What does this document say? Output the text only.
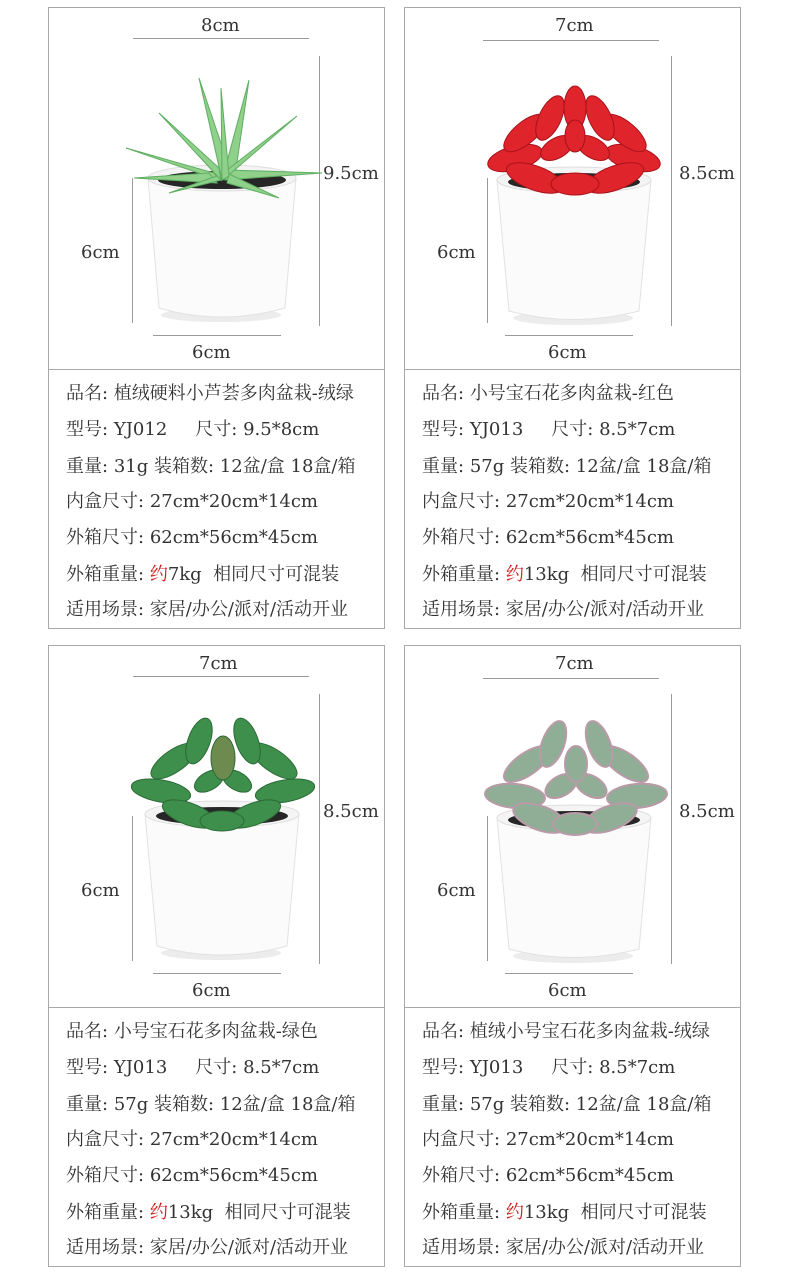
8cm
9.5cm
6cm
6cm
品名: 植绒硬料小芦荟多肉盆栽-绒绿
型号: YJ012 尺寸: 9.5*8cm
重量: 31g 装箱数: 12盆/盒 18盒/箱
内盒尺寸: 27cm*20cm*14cm
外箱尺寸: 62cm*56cm*45cm
外箱重量: 约7kg 相同尺寸可混装
适用场景: 家居/办公/派对/活动开业
7cm
8.5cm
6cm
6cm
品名: 小号宝石花多肉盆栽-红色
型号: YJ013 尺寸: 8.5*7cm
重量: 57g 装箱数: 12盆/盒 18盒/箱
内盒尺寸: 27cm*20cm*14cm
外箱尺寸: 62cm*56cm*45cm
外箱重量: 约13kg 相同尺寸可混装
适用场景: 家居/办公/派对/活动开业
7cm
8.5cm
6cm
6cm
品名: 小号宝石花多肉盆栽-绿色
型号: YJ013 尺寸: 8.5*7cm
重量: 57g 装箱数: 12盆/盒 18盒/箱
内盒尺寸: 27cm*20cm*14cm
外箱尺寸: 62cm*56cm*45cm
外箱重量: 约13kg 相同尺寸可混装
适用场景: 家居/办公/派对/活动开业
7cm
8.5cm
6cm
6cm
品名: 植绒小号宝石花多肉盆栽-绒绿
型号: YJ013 尺寸: 8.5*7cm
重量: 57g 装箱数: 12盆/盒 18盒/箱
内盒尺寸: 27cm*20cm*14cm
外箱尺寸: 62cm*56cm*45cm
外箱重量: 约13kg 相同尺寸可混装
适用场景: 家居/办公/派对/活动开业
